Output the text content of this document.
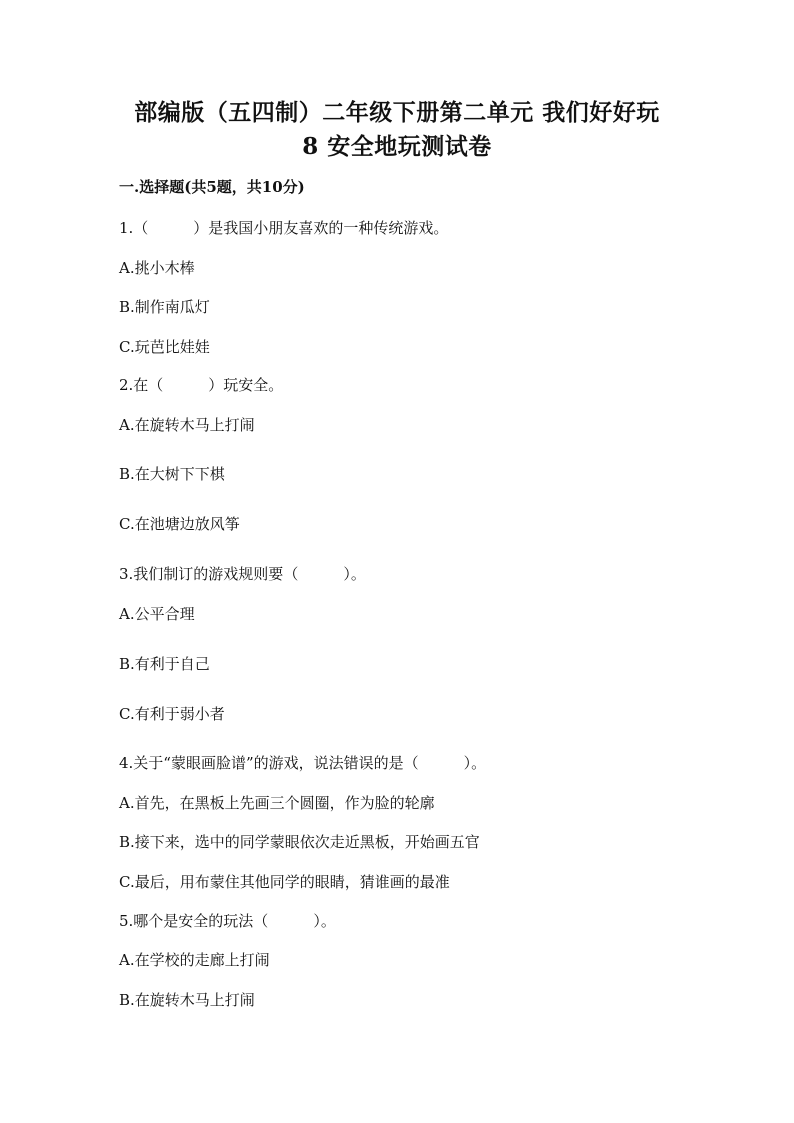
部编版（五四制）二年级下册第二单元 我们好好玩
8 安全地玩测试卷
一.选择题(共5题，共10分)
1.（　　　）是我国小朋友喜欢的一种传统游戏。
A.挑小木棒
B.制作南瓜灯
C.玩芭比娃娃
2.在（　　　）玩安全。
A.在旋转木马上打闹
B.在大树下下棋
C.在池塘边放风筝
3.我们制订的游戏规则要（　　　）。
A.公平合理
B.有利于自己
C.有利于弱小者
4.关于“蒙眼画脸谱”的游戏，说法错误的是（　　　）。
A.首先，在黑板上先画三个圆圈，作为脸的轮廓
B.接下来，选中的同学蒙眼依次走近黑板，开始画五官
C.最后，用布蒙住其他同学的眼睛，猜谁画的最准
5.哪个是安全的玩法（　　　）。
A.在学校的走廊上打闹
B.在旋转木马上打闹
